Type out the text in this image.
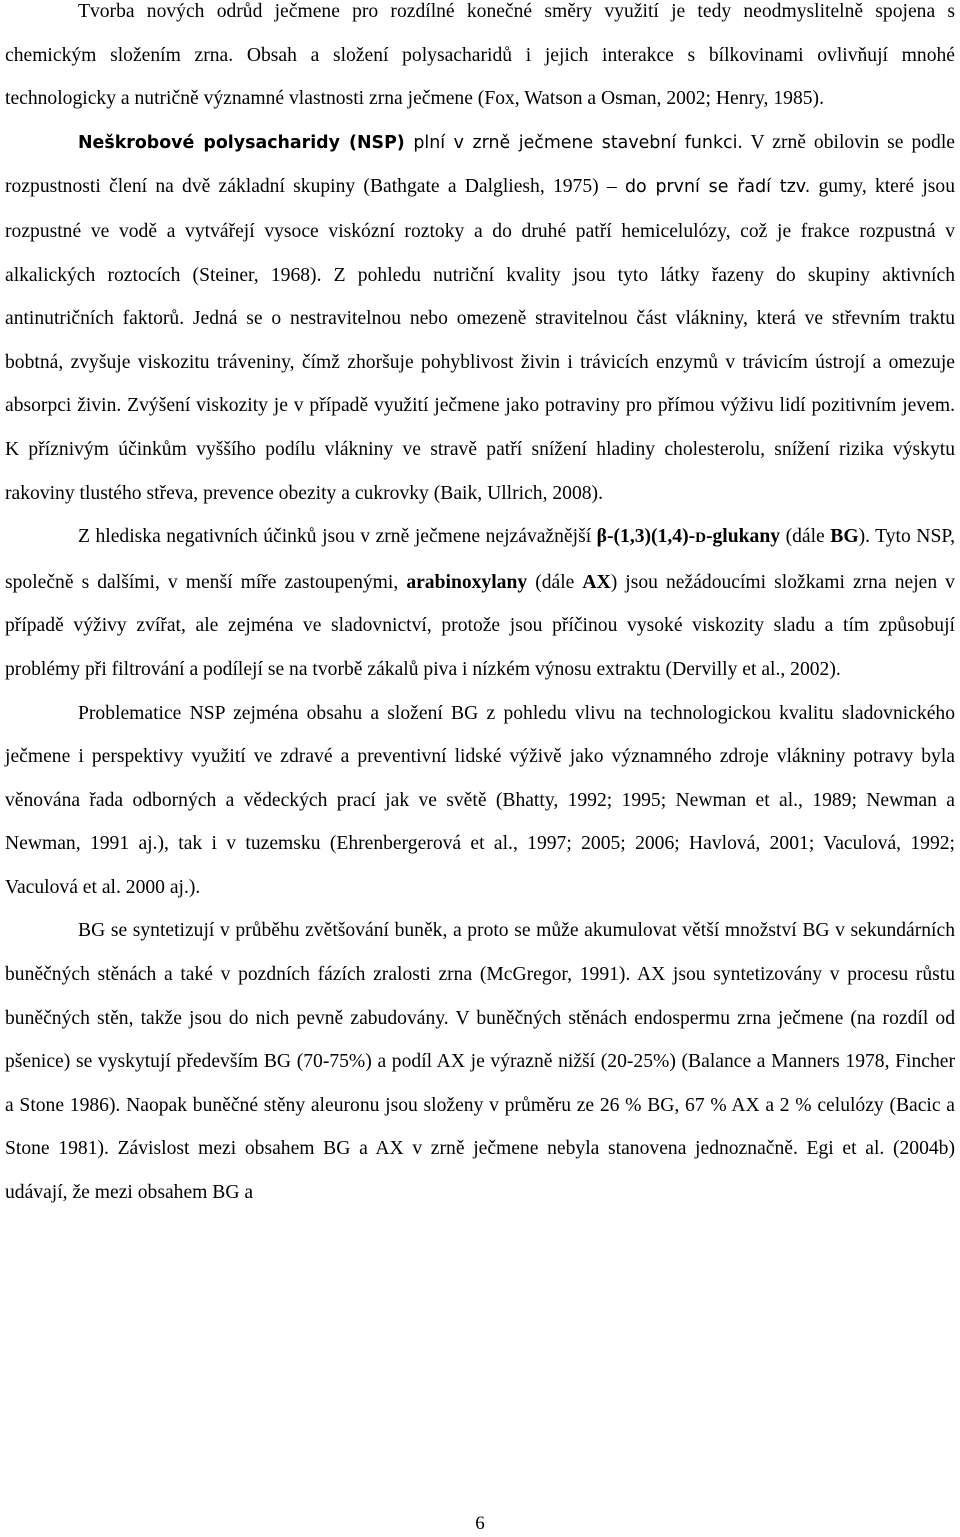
Tvorba nových odrůd ječmene pro rozdílné konečné směry využití je tedy neodmyslitelně spojena s chemickým složením zrna. Obsah a složení polysacharidů i jejich interakce s bílkovinami ovlivňují mnohé technologicky a nutričně významné vlastnosti zrna ječmene (Fox, Watson a Osman, 2002; Henry, 1985).

Neškrobové polysacharidy (NSP) plní v zrně ječmene stavební funkci. V zrně obilovin se podle rozpustnosti člení na dvě základní skupiny (Bathgate a Dalgliesh, 1975) – do první se řadí tzv. gumy, které jsou rozpustné ve vodě a vytvářejí vysoce viskózní roztoky a do druhé patří hemicelulózy, což je frakce rozpustná v alkalických roztocích (Steiner, 1968). Z pohledu nutriční kvality jsou tyto látky řazeny do skupiny aktivních antinutričních faktorů. Jedná se o nestravitelnou nebo omezeně stravitelnou část vlákniny, která ve střevním traktu bobtná, zvyšuje viskozitu tráveniny, čímž zhoršuje pohyblivost živin i trávicích enzymů v trávicím ústrojí a omezuje absorpci živin. Zvýšení viskozity je v případě využití ječmene jako potraviny pro přímou výživu lidí pozitivním jevem. K příznivým účinkům vyššího podílu vlákniny ve stravě patří snížení hladiny cholesterolu, snížení rizika výskytu rakoviny tlustého střeva, prevence obezity a cukrovky (Baik, Ullrich, 2008).

Z hlediska negativních účinků jsou v zrně ječmene nejzávažnější β-(1,3)(1,4)-D-glukany (dále BG). Tyto NSP, společně s dalšími, v menší míře zastoupenými, arabinoxylany (dále AX) jsou nežádoucími složkami zrna nejen v případě výživy zvířat, ale zejména ve sladovnictví, protože jsou příčinou vysoké viskozity sladu a tím způsobují problémy při filtrování a podílejí se na tvorbě zákalů piva i nízkém výnosu extraktu (Dervilly et al., 2002).

Problematice NSP zejména obsahu a složení BG z pohledu vlivu na technologickou kvalitu sladovnického ječmene i perspektivy využití ve zdravé a preventivní lidské výživě jako významného zdroje vlákniny potravy byla věnována řada odborných a vědeckých prací jak ve světě (Bhatty, 1992; 1995; Newman et al., 1989; Newman a Newman, 1991 aj.), tak i v tuzemsku (Ehrenbergerová et al., 1997; 2005; 2006; Havlová, 2001; Vaculová, 1992; Vaculová et al. 2000 aj.).

BG se syntetizují v průběhu zvětšování buněk, a proto se může akumulovat větší množství BG v sekundárních buněčných stěnách a také v pozdních fázích zralosti zrna (McGregor, 1991). AX jsou syntetizovány v procesu růstu buněčných stěn, takže jsou do nich pevně zabudovány. V buněčných stěnách endospermu zrna ječmene (na rozdíl od pšenice) se vyskytují především BG (70-75%) a podíl AX je výrazně nižší (20-25%) (Balance a Manners 1978, Fincher a Stone 1986). Naopak buněčné stěny aleuronu jsou složeny v průměru ze 26 % BG, 67 % AX a 2 % celulózy (Bacic a Stone 1981). Závislost mezi obsahem BG a AX v zrně ječmene nebyla stanovena jednoznačně. Egi et al. (2004b) udávají, že mezi obsahem BG a

6
